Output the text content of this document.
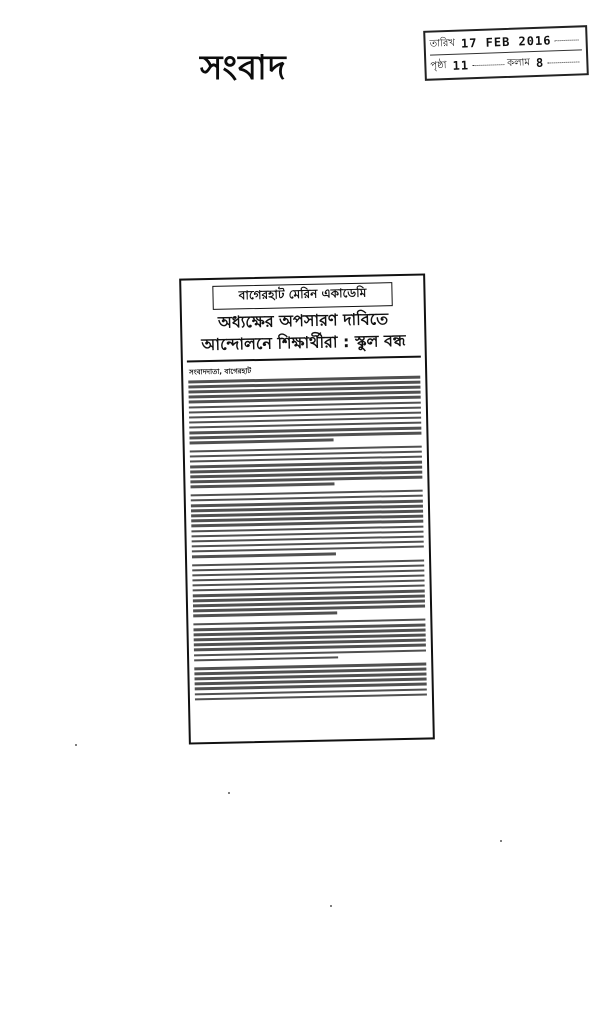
সংবাদ
তারিখ 17 FEB 2016
পৃষ্ঠা 11	কলাম 8
বাগেরহাট মেরিন একাডেমি
অধ্যক্ষের অপসারণ দাবিতে
আন্দোলনে শিক্ষার্থীরা : স্কুল বন্ধ
সংবাদদাতা, বাগেরহাট
